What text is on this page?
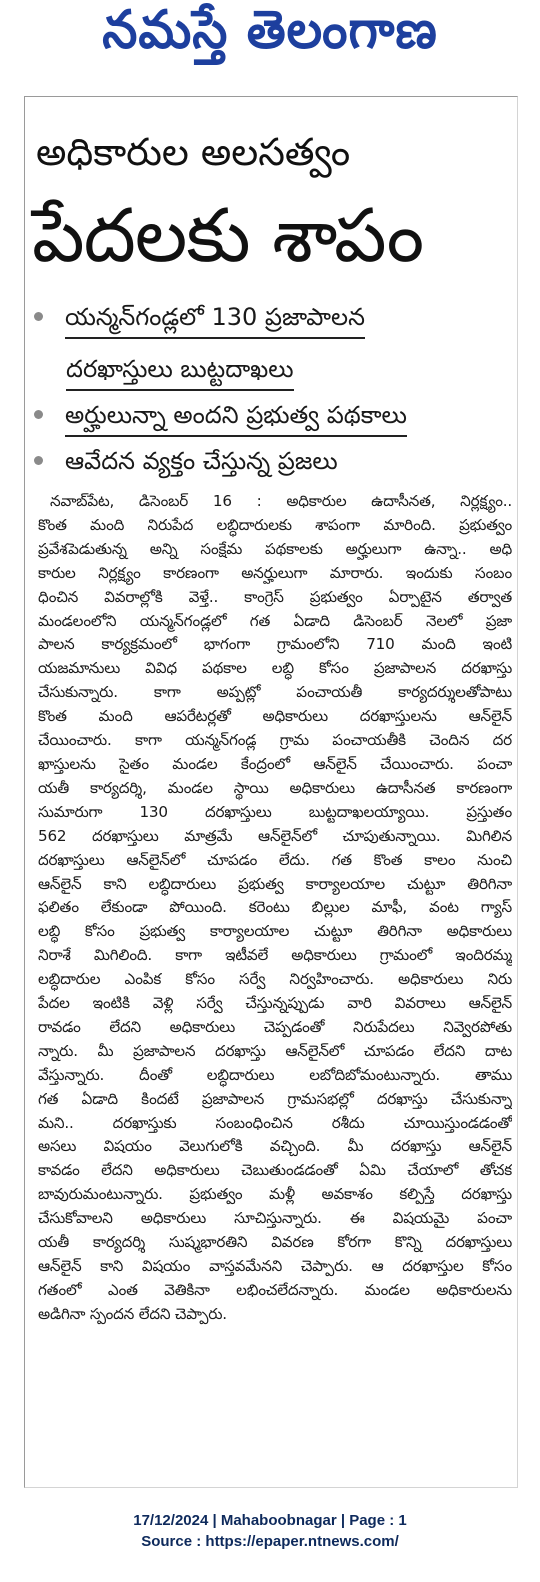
నమస్తే తెలంగాణ
అధికారుల అలసత్వం
పేదలకు శాపం
యన్మన్‌గండ్లలో 130 ప్రజాపాలన
దరఖాస్తులు బుట్టదాఖలు
అర్హులున్నా అందని ప్రభుత్వ పథకాలు
ఆవేదన వ్యక్తం చేస్తున్న ప్రజలు
నవాబ్‌పేట, డిసెంబర్ 16 : అధికారుల ఉదాసీనత, నిర్లక్ష్యం..
కొంత మంది నిరుపేద లబ్ధిదారులకు శాపంగా మారింది. ప్రభుత్వం
ప్రవేశపెడుతున్న అన్ని సంక్షేమ పథకాలకు అర్హులుగా ఉన్నా.. అధి
కారుల నిర్లక్ష్యం కారణంగా అనర్హులుగా మారారు. ఇందుకు సంబం
ధించిన వివరాల్లోకి వెళ్తే.. కాంగ్రెస్ ప్రభుత్వం ఏర్పాటైన తర్వాత
మండలంలోని యన్మన్‌గండ్లలో గత ఏడాది డిసెంబర్ నెలలో ప్రజా
పాలన కార్యక్రమంలో భాగంగా గ్రామంలోని 710 మంది ఇంటి
యజమానులు వివిధ పథకాల లబ్ధి కోసం ప్రజాపాలన దరఖాస్తు
చేసుకున్నారు. కాగా అప్పట్లో పంచాయతీ కార్యదర్శులతోపాటు
కొంత మంది ఆపరేటర్లతో అధికారులు దరఖాస్తులను ఆన్‌లైన్
చేయించారు. కాగా యన్మన్‌గండ్ల గ్రామ పంచాయతీకి చెందిన దర
ఖాస్తులను సైతం మండల కేంద్రంలో ఆన్‌లైన్ చేయించారు. పంచా
యతీ కార్యదర్శి, మండల స్థాయి అధికారులు ఉదాసీనత కారణంగా
సుమారుగా 130 దరఖాస్తులు బుట్టదాఖలయ్యాయి. ప్రస్తుతం
562 దరఖాస్తులు మాత్రమే ఆన్‌లైన్‌లో చూపుతున్నాయి. మిగిలిన
దరఖాస్తులు ఆన్‌లైన్‌లో చూపడం లేదు. గత కొంత కాలం నుంచి
ఆన్‌లైన్ కాని లబ్ధిదారులు ప్రభుత్వ కార్యాలయాల చుట్టూ తిరిగినా
ఫలితం లేకుండా పోయింది. కరెంటు బిల్లుల మాఫీ, వంట గ్యాస్
లబ్ధి కోసం ప్రభుత్వ కార్యాలయాల చుట్టూ తిరిగినా అధికారులు
నిరాశే మిగిలింది. కాగా ఇటీవలే అధికారులు గ్రామంలో ఇందిరమ్మ
లబ్ధిదారుల ఎంపిక కోసం సర్వే నిర్వహించారు. అధికారులు నిరు
పేదల ఇంటికి వెళ్లి సర్వే చేస్తున్నప్పుడు వారి వివరాలు ఆన్‌లైన్
రావడం లేదని అధికారులు చెప్పడంతో నిరుపేదలు నివ్వెరపోతు
న్నారు. మీ ప్రజాపాలన దరఖాస్తు ఆన్‌లైన్‌లో చూపడం లేదని దాట
వేస్తున్నారు. దీంతో లబ్ధిదారులు లబోదిబోమంటున్నారు. తాము
గత ఏడాది కిందటే ప్రజాపాలన గ్రామసభల్లో దరఖాస్తు చేసుకున్నా
మని.. దరఖాస్తుకు సంబంధించిన రశీదు చూయిస్తుండడంతో
అసలు విషయం వెలుగులోకి వచ్చింది. మీ దరఖాస్తు ఆన్‌లైన్
కావడం లేదని అధికారులు చెబుతుండడంతో ఏమి చేయాలో తోచక
బావురుమంటున్నారు. ప్రభుత్వం మళ్లీ అవకాశం కల్పిస్తే దరఖాస్తు
చేసుకోవాలని అధికారులు సూచిస్తున్నారు. ఈ విషయమై పంచా
యతీ కార్యదర్శి సుష్మభారతిని వివరణ కోరగా కొన్ని దరఖాస్తులు
ఆన్‌లైన్ కాని విషయం వాస్తవమేనని చెప్పారు. ఆ దరఖాస్తుల కోసం
గతంలో ఎంత వెతికినా లభించలేదన్నారు. మండల అధికారులను
అడిగినా స్పందన లేదని చెప్పారు.
17/12/2024 | Mahaboobnagar | Page : 1
Source : https://epaper.ntnews.com/
